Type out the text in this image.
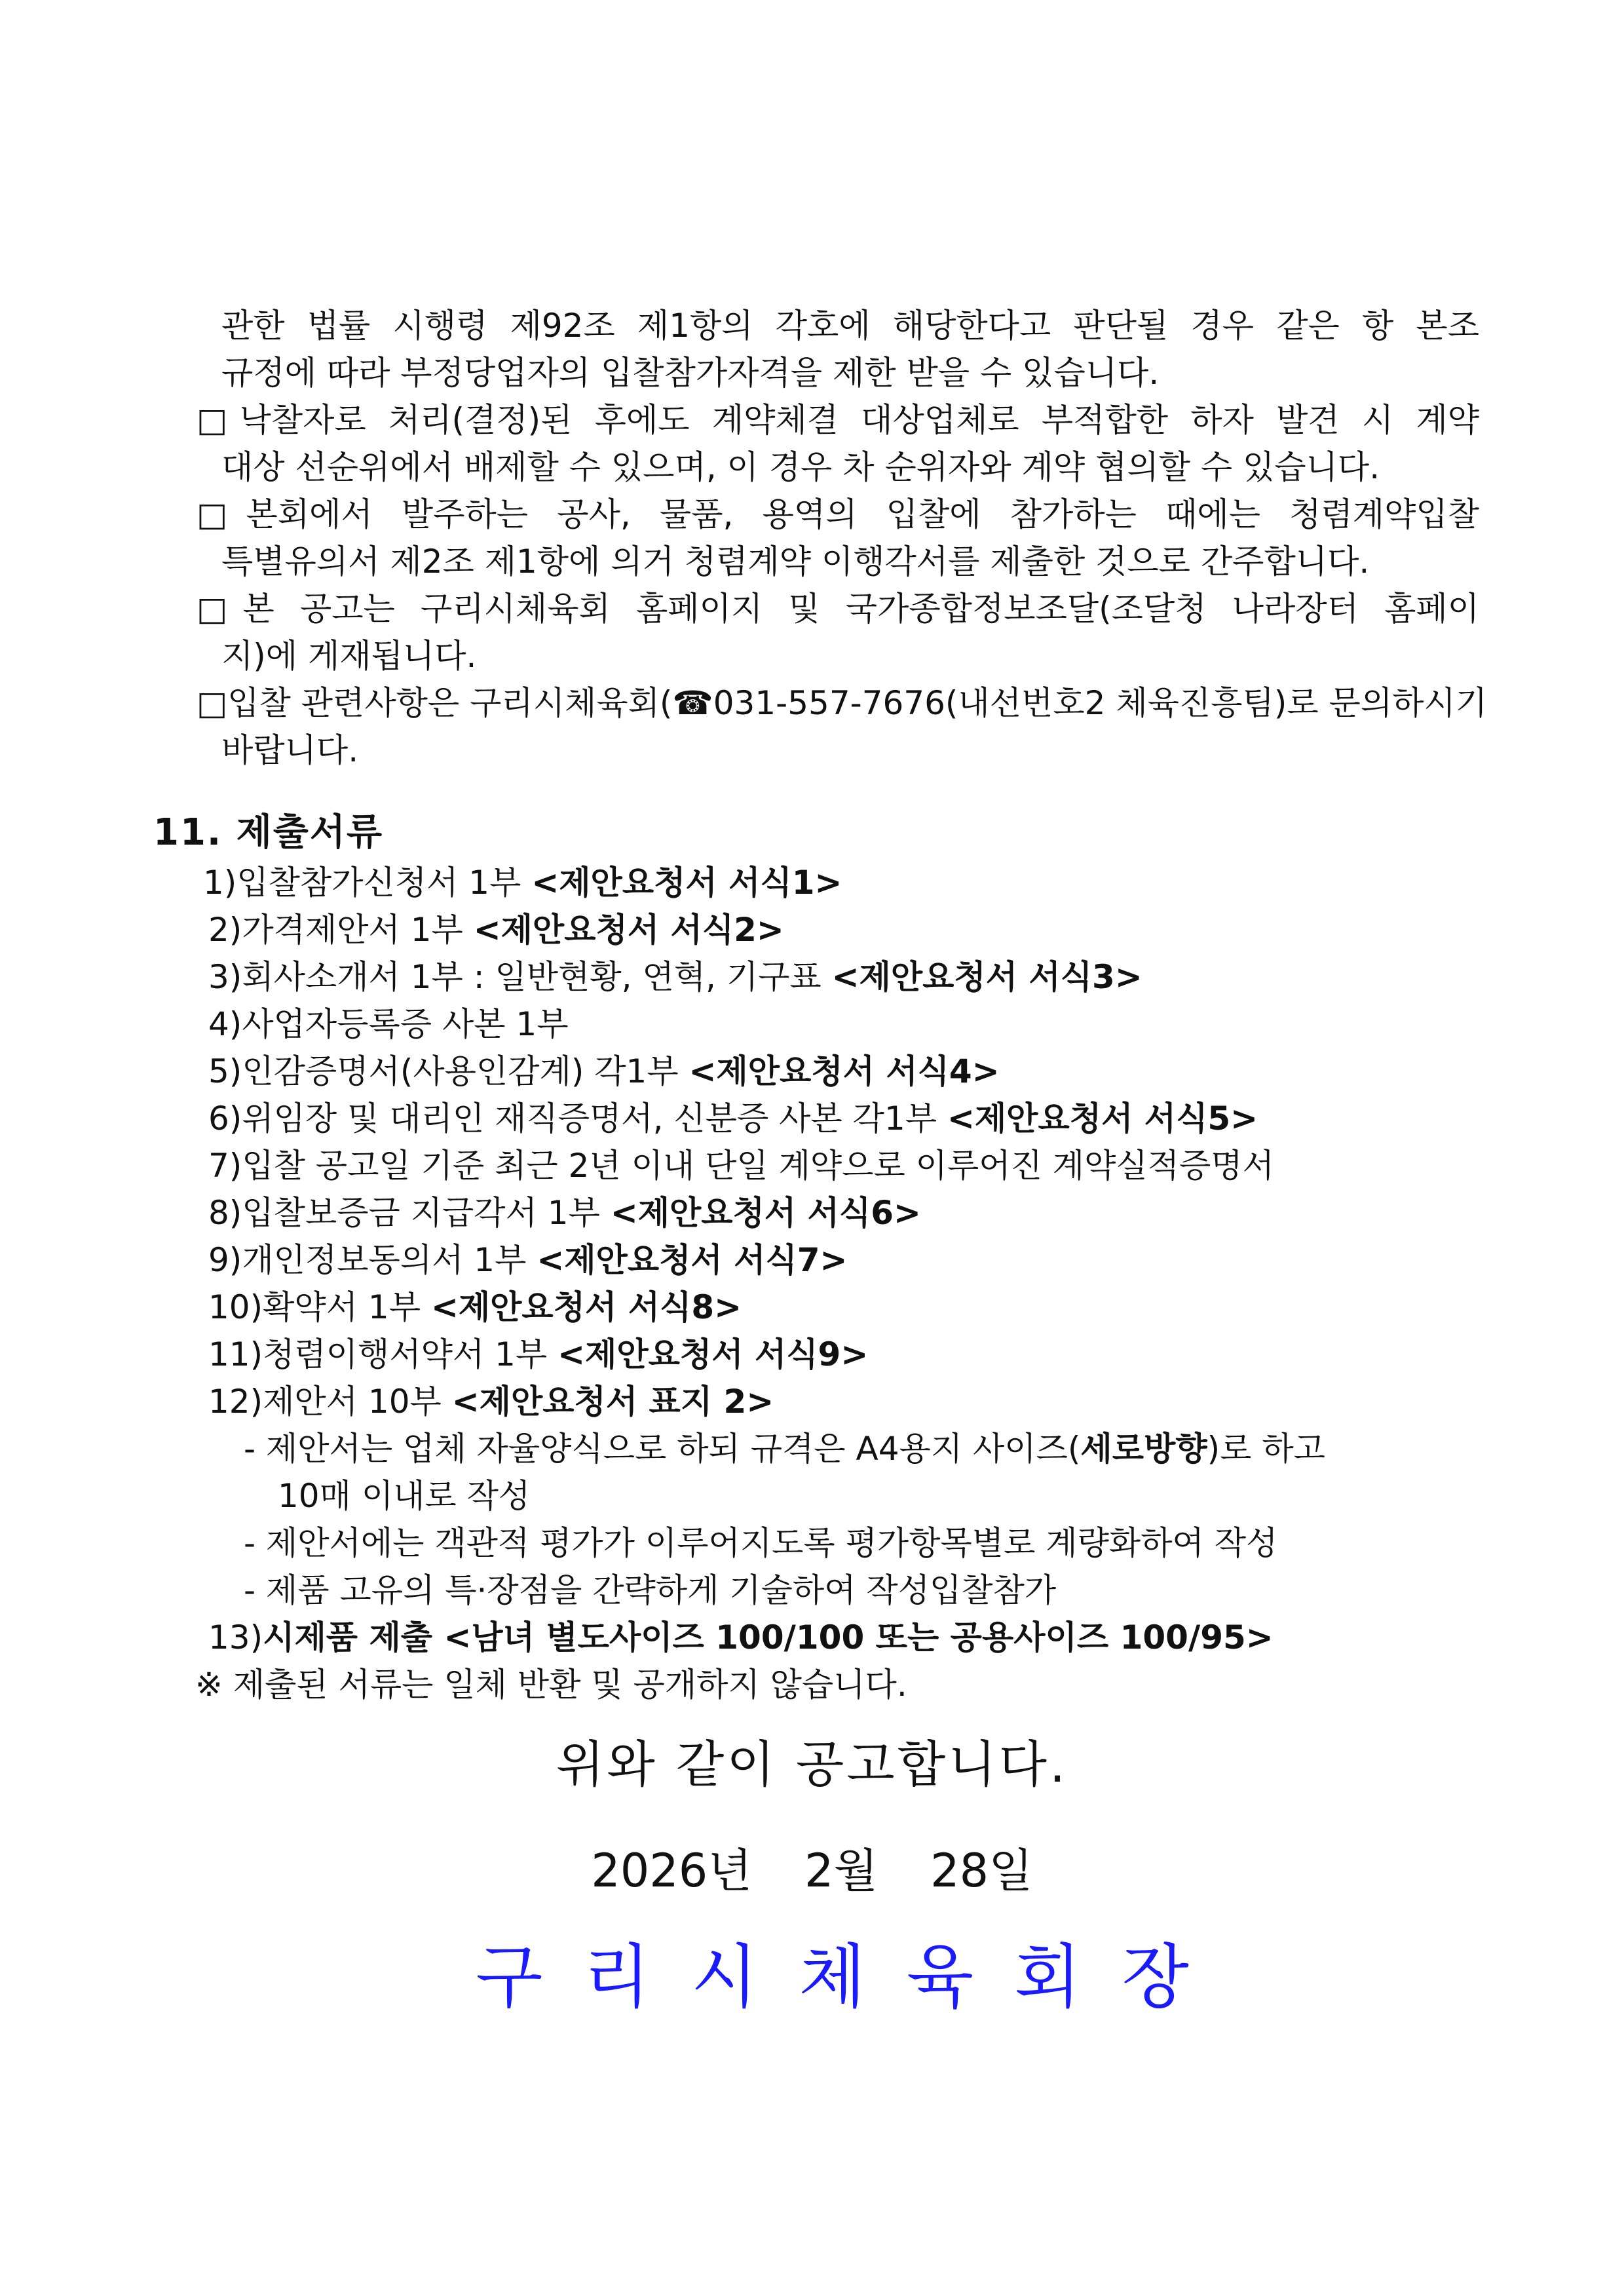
관한 법률 시행령 제92조 제1항의 각호에 해당한다고 판단될 경우 같은 항 본조
규정에 따라 부정당업자의 입찰참가자격을 제한 받을 수 있습니다.
□낙찰자로 처리(결정)된 후에도 계약체결 대상업체로 부적합한 하자 발견 시 계약
대상 선순위에서 배제할 수 있으며, 이 경우 차 순위자와 계약 협의할 수 있습니다.
□본회에서 발주하는 공사, 물품, 용역의 입찰에 참가하는 때에는 청렴계약입찰
특별유의서 제2조 제1항에 의거 청렴계약 이행각서를 제출한 것으로 간주합니다.
□본 공고는 구리시체육회 홈페이지 및 국가종합정보조달(조달청 나라장터 홈페이
지)에 게재됩니다.
□입찰 관련사항은 구리시체육회(☎031-557-7676(내선번호2 체육진흥팀)로 문의하시기
바랍니다.
11. 제출서류
1)입찰참가신청서 1부 <제안요청서 서식1>
2)가격제안서 1부 <제안요청서 서식2>
3)회사소개서 1부 : 일반현황, 연혁, 기구표 <제안요청서 서식3>
4)사업자등록증 사본 1부
5)인감증명서(사용인감계) 각1부 <제안요청서 서식4>
6)위임장 및 대리인 재직증명서, 신분증 사본 각1부 <제안요청서 서식5>
7)입찰 공고일 기준 최근 2년 이내 단일 계약으로 이루어진 계약실적증명서
8)입찰보증금 지급각서 1부 <제안요청서 서식6>
9)개인정보동의서 1부 <제안요청서 서식7>
10)확약서 1부 <제안요청서 서식8>
11)청렴이행서약서 1부 <제안요청서 서식9>
12)제안서 10부 <제안요청서 표지 2>
- 제안서는 업체 자율양식으로 하되 규격은 A4용지 사이즈(세로방향)로 하고
10매 이내로 작성
- 제안서에는 객관적 평가가 이루어지도록 평가항목별로 계량화하여 작성
- 제품 고유의 특·장점을 간략하게 기술하여 작성입찰참가
13)시제품 제출 <남녀 별도사이즈 100/100 또는 공용사이즈 100/95>
※ 제출된 서류는 일체 반환 및 공개하지 않습니다.
위와 같이 공고합니다.
2026년 2월 28일
구리시체육회장
